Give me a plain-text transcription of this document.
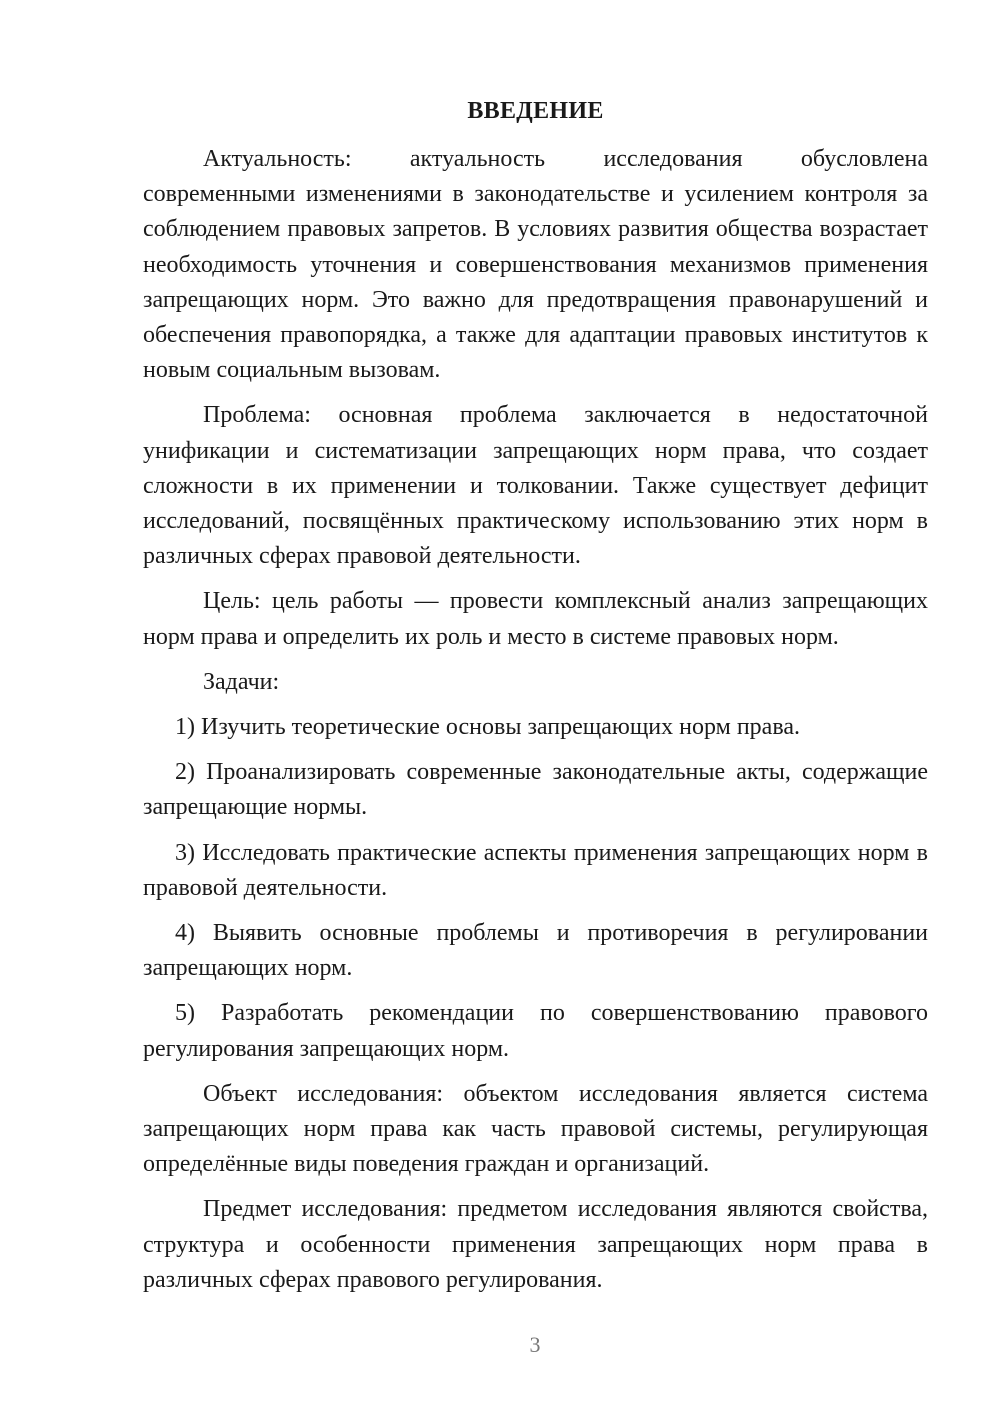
ВВЕДЕНИЕ

Актуальность: актуальность исследования обусловлена современными изменениями в законодательстве и усилением контроля за соблюдением правовых запретов. В условиях развития общества возрастает необходимость уточнения и совершенствования механизмов применения запрещающих норм. Это важно для предотвращения правонарушений и обеспечения правопорядка, а также для адаптации правовых институтов к новым социальным вызовам.

Проблема: основная проблема заключается в недостаточной унификации и систематизации запрещающих норм права, что создает сложности в их применении и толковании. Также существует дефицит исследований, посвящённых практическому использованию этих норм в различных сферах правовой деятельности.

Цель: цель работы — провести комплексный анализ запрещающих норм права и определить их роль и место в системе правовых норм.

Задачи:

1) Изучить теоретические основы запрещающих норм права.

2) Проанализировать современные законодательные акты, содержащие запрещающие нормы.

3) Исследовать практические аспекты применения запрещающих норм в правовой деятельности.

4) Выявить основные проблемы и противоречия в регулировании запрещающих норм.

5) Разработать рекомендации по совершенствованию правового регулирования запрещающих норм.

Объект исследования: объектом исследования является система запрещающих норм права как часть правовой системы, регулирующая определённые виды поведения граждан и организаций.

Предмет исследования: предметом исследования являются свойства, структура и особенности применения запрещающих норм права в различных сферах правового регулирования.

3
